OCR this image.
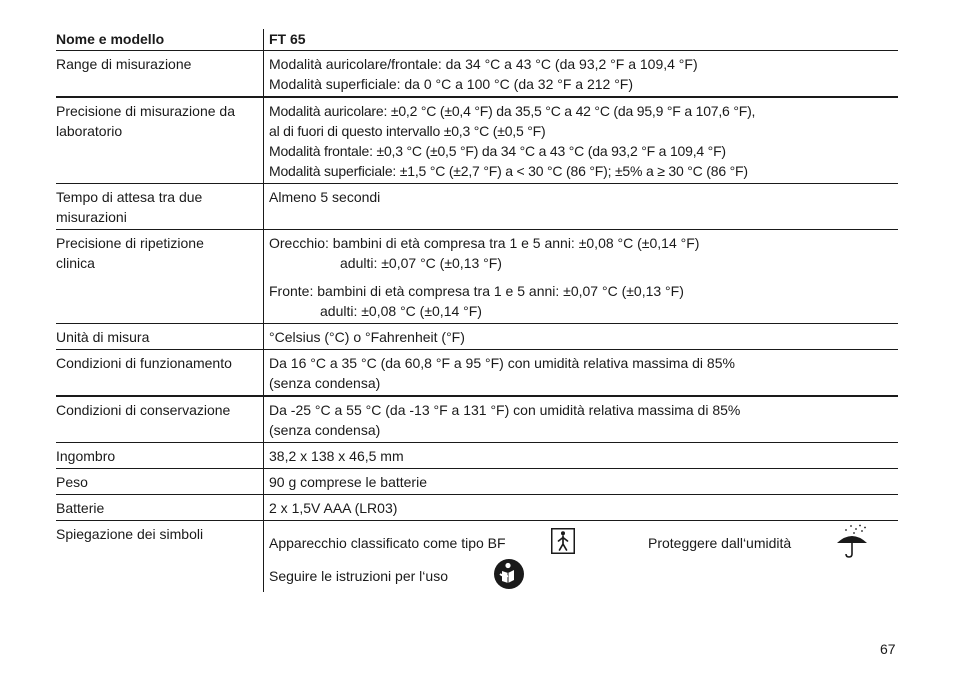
Nome e modello	FT 65

Range di misurazione	Modalità auricolare/frontale: da 34 °C a 43 °C (da 93,2 °F a 109,4 °F)
Modalità superficiale: da 0 °C a 100 °C (da 32 °F a 212 °F)

Precisione di misurazione da
laboratorio	Modalità auricolare: ±0,2 °C (±0,4 °F) da 35,5 °C a 42 °C (da 95,9 °F a 107,6 °F),
al di fuori di questo intervallo ±0,3 °C (±0,5 °F)
Modalità frontale: ±0,3 °C (±0,5 °F) da 34 °C a 43 °C (da 93,2 °F a 109,4 °F)
Modalità superficiale: ±1,5 °C (±2,7 °F) a < 30 °C (86 °F); ±5% a ≥ 30 °C (86 °F)

Tempo di attesa tra due
misurazioni	Almeno 5 secondi

Precisione di ripetizione
clinica	Orecchio: bambini di età compresa tra 1 e 5 anni: ±0,08 °C (±0,14 °F)
adulti: ±0,07 °C (±0,13 °F)
Fronte: bambini di età compresa tra 1 e 5 anni: ±0,07 °C (±0,13 °F)
adulti: ±0,08 °C (±0,14 °F)

Unità di misura	°Celsius (°C) o °Fahrenheit (°F)

Condizioni di funzionamento	Da 16 °C a 35 °C (da 60,8 °F a 95 °F) con umidità relativa massima di 85%
(senza condensa)

Condizioni di conservazione	Da -25 °C a 55 °C (da -13 °F a 131 °F) con umidità relativa massima di 85%
(senza condensa)

Ingombro	38,2 x 138 x 46,5 mm

Peso	90 g comprese le batterie

Batterie	2 x 1,5V AAA (LR03)

Spiegazione dei simboli	Apparecchio classificato come tipo BF Proteggere dall‘umidità
Seguire le istruzioni per l‘uso
67
